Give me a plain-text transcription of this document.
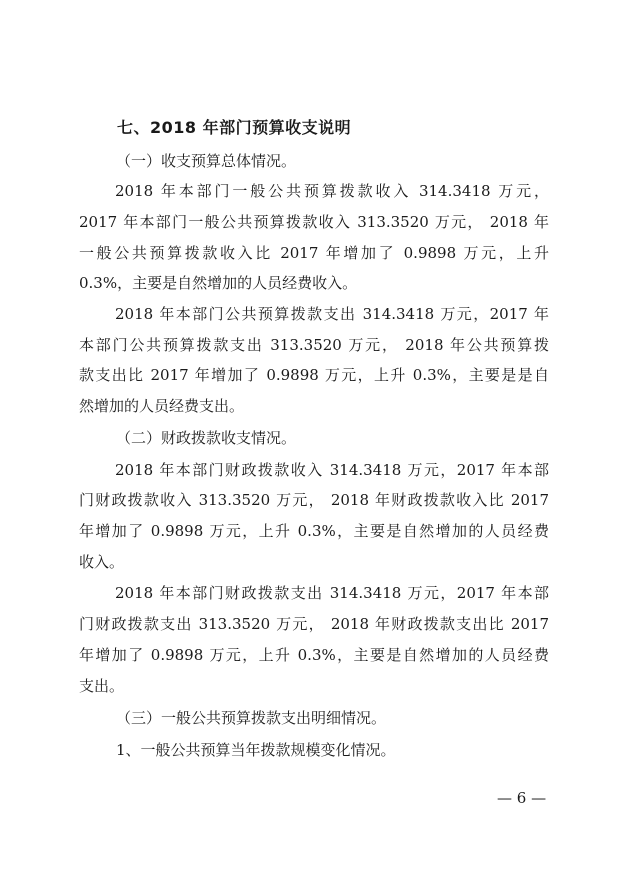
七、2018 年部门预算收支说明
（一）收支预算总体情况。
2018 年本部门一般公共预算拨款收入 314.3418 万元，
2017 年本部门一般公共预算拨款收入 313.3520 万元， 2018 年
一般公共预算拨款收入比 2017 年增加了 0.9898 万元，上升
0.3%，主要是自然增加的人员经费收入。
2018 年本部门公共预算拨款支出 314.3418 万元，2017 年
本部门公共预算拨款支出 313.3520 万元， 2018 年公共预算拨
款支出比 2017 年增加了 0.9898 万元，上升 0.3%，主要是是自
然增加的人员经费支出。
（二）财政拨款收支情况。
2018 年本部门财政拨款收入 314.3418 万元，2017 年本部
门财政拨款收入 313.3520 万元， 2018 年财政拨款收入比 2017
年增加了 0.9898 万元，上升 0.3%，主要是自然增加的人员经费
收入。
2018 年本部门财政拨款支出 314.3418 万元，2017 年本部
门财政拨款支出 313.3520 万元， 2018 年财政拨款支出比 2017
年增加了 0.9898 万元，上升 0.3%，主要是自然增加的人员经费
支出。
（三）一般公共预算拨款支出明细情况。
1、一般公共预算当年拨款规模变化情况。
— 6 —
